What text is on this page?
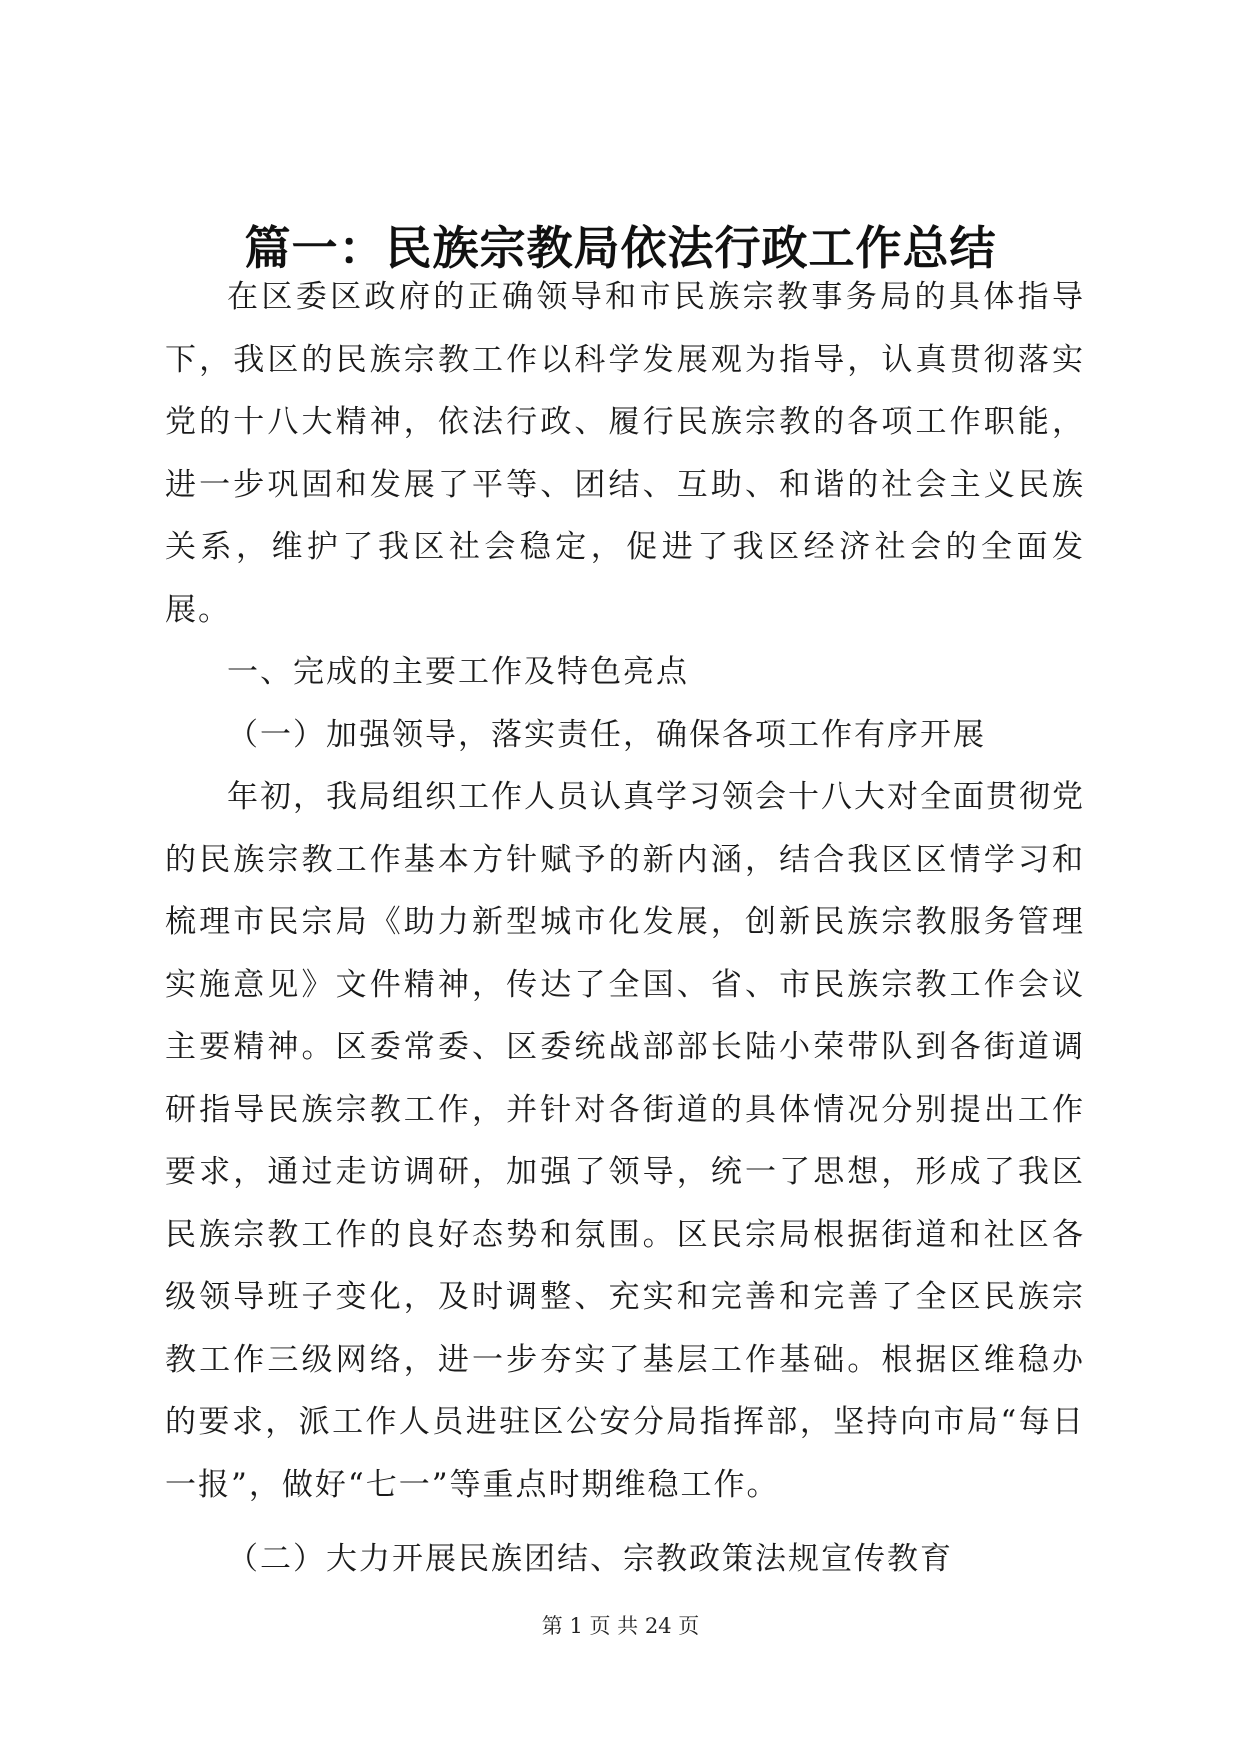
篇一：民族宗教局依法行政工作总结

在区委区政府的正确领导和市民族宗教事务局的具体指导下，我区的民族宗教工作以科学发展观为指导，认真贯彻落实党的十八大精神，依法行政、履行民族宗教的各项工作职能，进一步巩固和发展了平等、团结、互助、和谐的社会主义民族关系，维护了我区社会稳定，促进了我区经济社会的全面发展。

一、完成的主要工作及特色亮点

（一）加强领导，落实责任，确保各项工作有序开展

年初，我局组织工作人员认真学习领会十八大对全面贯彻党的民族宗教工作基本方针赋予的新内涵，结合我区区情学习和梳理市民宗局《助力新型城市化发展，创新民族宗教服务管理实施意见》文件精神，传达了全国、省、市民族宗教工作会议主要精神。区委常委、区委统战部部长陆小荣带队到各街道调研指导民族宗教工作，并针对各街道的具体情况分别提出工作要求，通过走访调研，加强了领导，统一了思想，形成了我区民族宗教工作的良好态势和氛围。区民宗局根据街道和社区各级领导班子变化，及时调整、充实和完善和完善了全区民族宗教工作三级网络，进一步夯实了基层工作基础。根据区维稳办的要求，派工作人员进驻区公安分局指挥部，坚持向市局“每日一报”，做好“七一”等重点时期维稳工作。

（二）大力开展民族团结、宗教政策法规宣传教育

第 1 页 共 24 页
